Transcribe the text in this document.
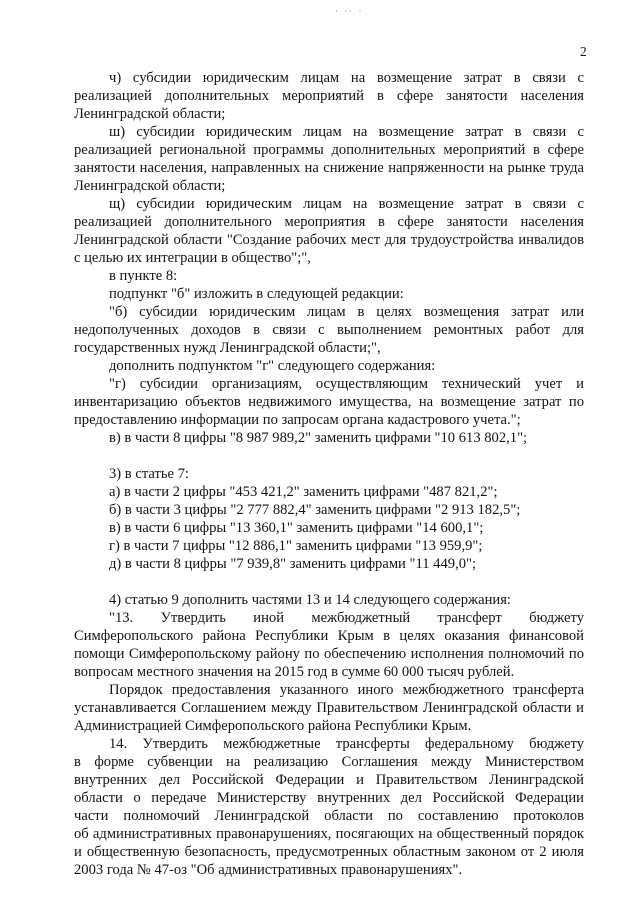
· ·· ·
2
ч) субсидии юридическим лицам на возмещение затрат в связи с
реализацией дополнительных мероприятий в сфере занятости населения
Ленинградской области;
ш) субсидии юридическим лицам на возмещение затрат в связи с
реализацией региональной программы дополнительных мероприятий в сфере
занятости населения, направленных на снижение напряженности на рынке труда
Ленинградской области;
щ) субсидии юридическим лицам на возмещение затрат в связи с
реализацией дополнительного мероприятия в сфере занятости населения
Ленинградской области "Создание рабочих мест для трудоустройства инвалидов
с целью их интеграции в общество";",
в пункте 8:
подпункт "б" изложить в следующей редакции:
"б) субсидии юридическим лицам в целях возмещения затрат или
недополученных доходов в связи с выполнением ремонтных работ для
государственных нужд Ленинградской области;",
дополнить подпунктом "г" следующего содержания:
"г) субсидии организациям, осуществляющим технический учет и
инвентаризацию объектов недвижимого имущества, на возмещение затрат по
предоставлению информации по запросам органа кадастрового учета.";
в) в части 8 цифры "8 987 989,2" заменить цифрами "10 613 802,1";
3) в статье 7:
а) в части 2 цифры "453 421,2" заменить цифрами "487 821,2";
б) в части 3 цифры "2 777 882,4" заменить цифрами "2 913 182,5";
в) в части 6 цифры "13 360,1" заменить цифрами "14 600,1";
г) в части 7 цифры "12 886,1" заменить цифрами "13 959,9";
д) в части 8 цифры "7 939,8" заменить цифрами "11 449,0";
4) статью 9 дополнить частями 13 и 14 следующего содержания:
"13. Утвердить иной межбюджетный трансферт бюджету
Симферопольского района Республики Крым в целях оказания финансовой
помощи Симферопольскому району по обеспечению исполнения полномочий по
вопросам местного значения на 2015 год в сумме 60 000 тысяч рублей.
Порядок предоставления указанного иного межбюджетного трансферта
устанавливается Соглашением между Правительством Ленинградской области и
Администрацией Симферопольского района Республики Крым.
14. Утвердить межбюджетные трансферты федеральному бюджету
в форме субвенции на реализацию Соглашения между Министерством
внутренних дел Российской Федерации и Правительством Ленинградской
области о передаче Министерству внутренних дел Российской Федерации
части полномочий Ленинградской области по составлению протоколов
об административных правонарушениях, посягающих на общественный порядок
и общественную безопасность, предусмотренных областным законом от 2 июля
2003 года № 47-оз "Об административных правонарушениях".
